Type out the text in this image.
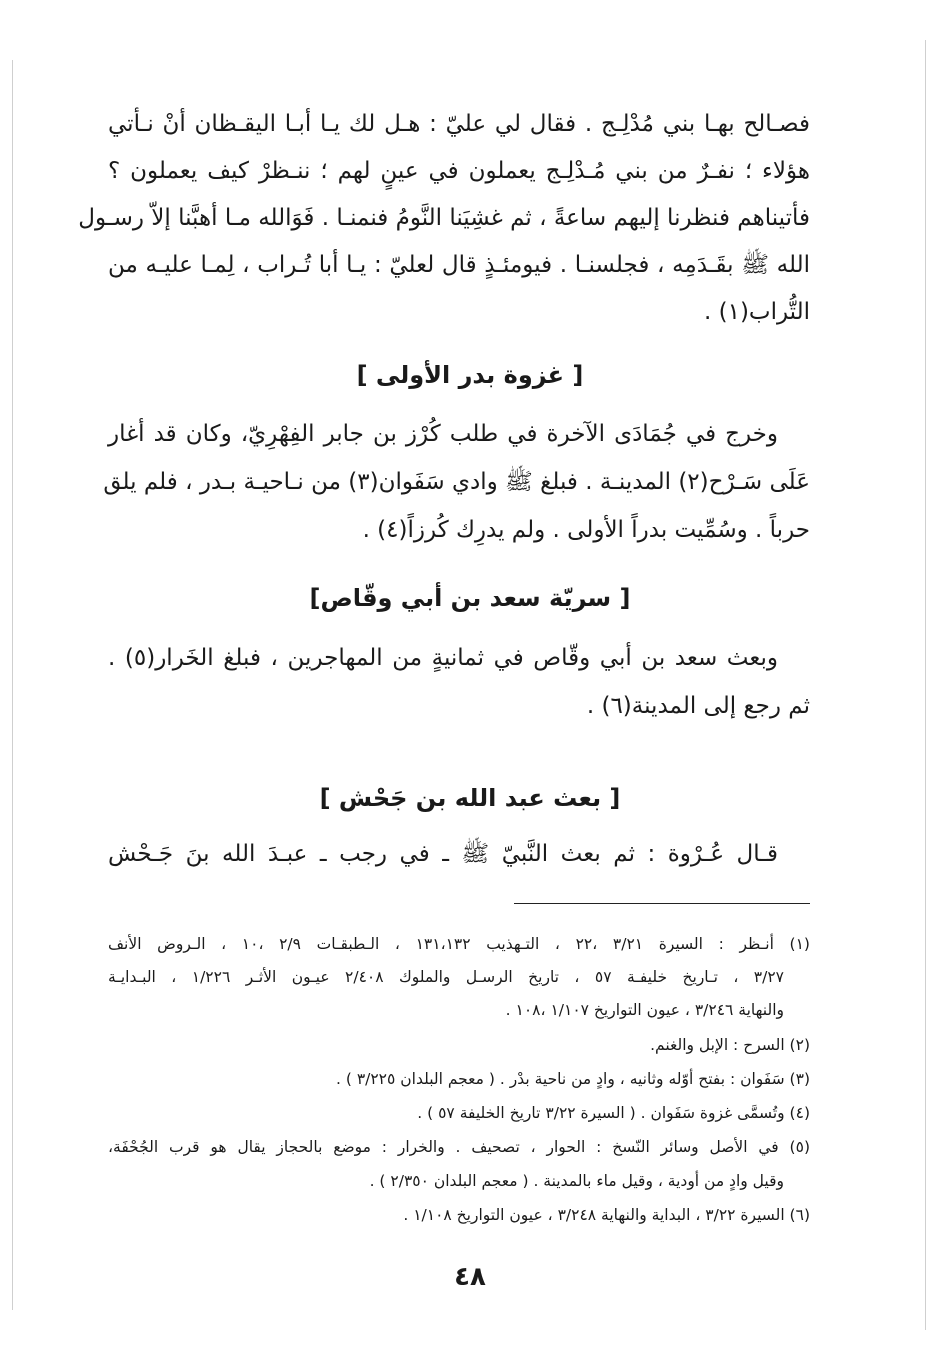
فصـالح بهـا بني مُدْلِـج . فقال لي عليّ : هـل لك يـا أبـا اليقـظان أنْ نـأتي
هؤلاء ؛ نفـرٌ من بني مُـدْلِـج يعملون في عينٍ لهم ؛ ننـظرْ كيف يعملون ؟
فأتيناهم فنظرنا إليهم ساعةً ، ثم غشِيَنا النَّومُ فنمنـا . فَوَالله مـا أهبَّنا إلاّ رسـول
الله ﷺ بقَـدَمِه ، فجلسنـا . فيومئـذٍ قال لعليّ : يـا أبا تُـراب ، لِمـا عليـه من
التُّراب(١) .
[ غزوة بدر الأولى ]
وخرج في جُمَادَى الآخرة في طلب كُرْز بن جابر الفِهْرِيّ، وكان قد أغار
عَلَى سَـرْح(٢) المدينـة . فبلغ ﷺ وادي سَفَوان(٣) من نـاحيـة بـدر ، فلم يلق
حرباً . وسُمِّيت بدراً الأولى . ولم يدرِك كُرزاً(٤) .
[ سريّة سعد بن أبي وقّاص]
وبعث سعد بن أبي وقّاص في ثمانيةٍ من المهاجرين ، فبلغ الخَرار(٥) .
ثم رجع إلى المدينة(٦) .
[ بعث عبد الله بن جَحْش ]
قـال عُـرْوة : ثم بعث النَّبيّ ﷺ ـ في رجب ـ عبـدَ الله بنَ جَـحْش
(١) أنـظر : السيرة ٣/٢١ ،٢٢ ، التـهذيب ١٣١،١٣٢ ، الـطبقـات ٢/٩ ،١٠ ، الـروض الأنف
٣/٢٧ ، تـاريخ خليفـة ٥٧ ، تاريخ الرسـل والملوك ٢/٤٠٨ عيـون الأثـر ١/٢٢٦ ، البـدايـة
والنهاية ٣/٢٤٦ ، عيون التواريخ ١/١٠٧ ،١٠٨ .
(٢) السرح : الإبل والغنم.
(٣) سَفَوان : بفتح أوّله وثانيه ، وادٍ من ناحية بدْر . ( معجم البلدان ٣/٢٢٥ ) .
(٤) وتُسمَّى غزوة سَفَوان . ( السيرة ٣/٢٢ تاريخ الخليفة ٥٧ ) .
(٥) في الأصل وسائر النّسخ : الحوار ، تصحيف . والخرار : موضع بالحجاز يقال هو قرب الجُحْفَة،
وقيل وادٍ من أودية ، وقيل ماء بالمدينة . ( معجم البلدان ٢/٣٥٠ ) .
(٦) السيرة ٣/٢٢ ، البداية والنهاية ٣/٢٤٨ ، عيون التواريخ ١/١٠٨ .
٤٨
